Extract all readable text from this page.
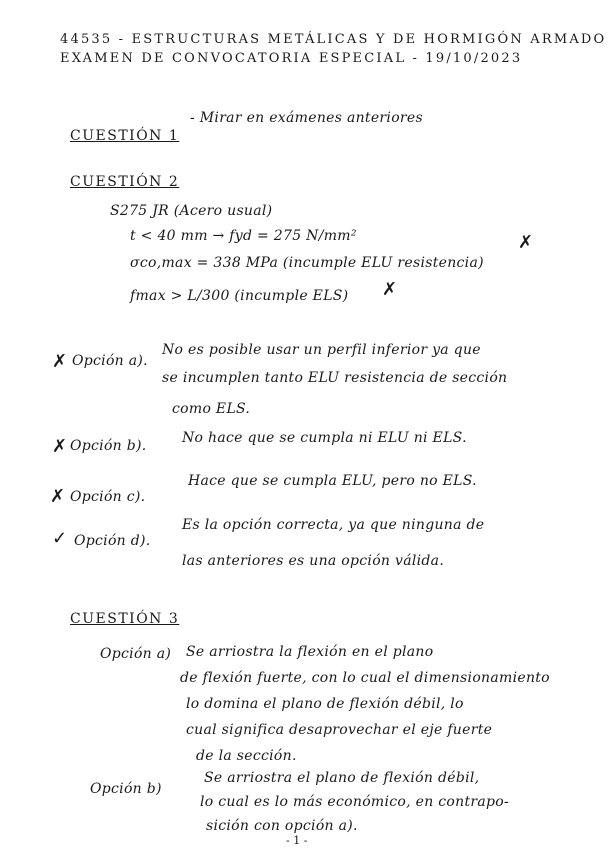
44535 - ESTRUCTURAS METÁLICAS Y DE HORMIGÓN ARMADO
EXAMEN DE CONVOCATORIA ESPECIAL - 19/10/2023
CUESTIÓN 1
- Mirar en exámenes anteriores
CUESTIÓN 2
S275 JR (Acero usual)
t < 40 mm → fyd = 275 N/mm²
σco,max = 338 MPa (incumple ELU resistencia)
✗
fmax > L/300 (incumple ELS) ✗
✗ Opción a).
No es posible usar un perfil inferior ya que
se incumplen tanto ELU resistencia de sección
como ELS.
✗ Opción b).	No hace que se cumpla ni ELU ni ELS.
✗ Opción c).
Hace que se cumpla ELU, pero no ELS.
✓ Opción d).
Es la opción correcta, ya que ninguna de
las anteriores es una opción válida.
CUESTIÓN 3
Opción a) Se arriostra la flexión en el plano
de flexión fuerte, con lo cual el dimensionamiento
lo domina el plano de flexión débil, lo
cual significa desaprovechar el eje fuerte
de la sección.
Opción b)
Se arriostra el plano de flexión débil,
lo cual es lo más económico, en contrapo-
sición con opción a).
- 1 -
